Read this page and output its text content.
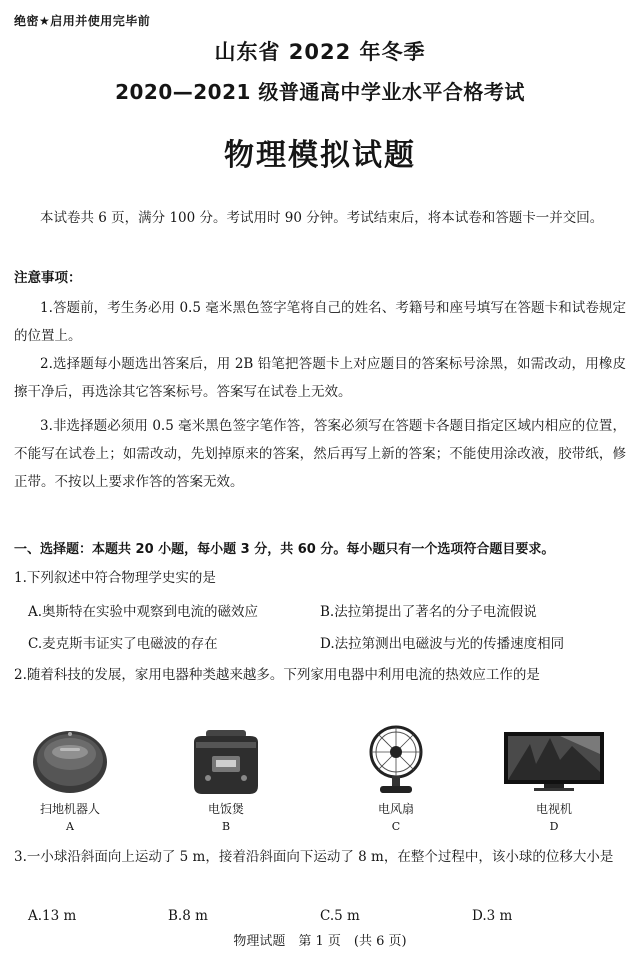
绝密★启用并使用完毕前
山东省 2022 年冬季
2020—2021 级普通高中学业水平合格考试
物理模拟试题
本试卷共 6 页，满分 100 分。考试用时 90 分钟。考试结束后，将本试卷和答题卡一并交回。
注意事项：
1.答题前，考生务必用 0.5 毫米黑色签字笔将自己的姓名、考籍号和座号填写在答题卡和试卷规定的位置上。
2.选择题每小题选出答案后，用 2B 铅笔把答题卡上对应题目的答案标号涂黑，如需改动，用橡皮擦干净后，再选涂其它答案标号。答案写在试卷上无效。
3.非选择题必须用 0.5 毫米黑色签字笔作答，答案必须写在答题卡各题目指定区域内相应的位置，不能写在试卷上；如需改动，先划掉原来的答案，然后再写上新的答案；不能使用涂改液，胶带纸，修正带。不按以上要求作答的答案无效。
一、选择题：本题共 20 小题，每小题 3 分，共 60 分。每小题只有一个选项符合题目要求。
1.下列叙述中符合物理学史实的是
A.奥斯特在实验中观察到电流的磁效应	B.法拉第提出了著名的分子电流假说
C.麦克斯韦证实了电磁波的存在	D.法拉第测出电磁波与光的传播速度相同
2.随着科技的发展，家用电器种类越来越多。下列家用电器中利用电流的热效应工作的是
扫地机器人
A
电饭煲
B
电风扇
C
电视机
D
3.一小球沿斜面向上运动了 5 m，接着沿斜面向下运动了 8 m，在整个过程中，该小球的位移大小是
A.13 m	B.8 m	C.5 m	D.3 m
物理试题　第 1 页　(共 6 页)
